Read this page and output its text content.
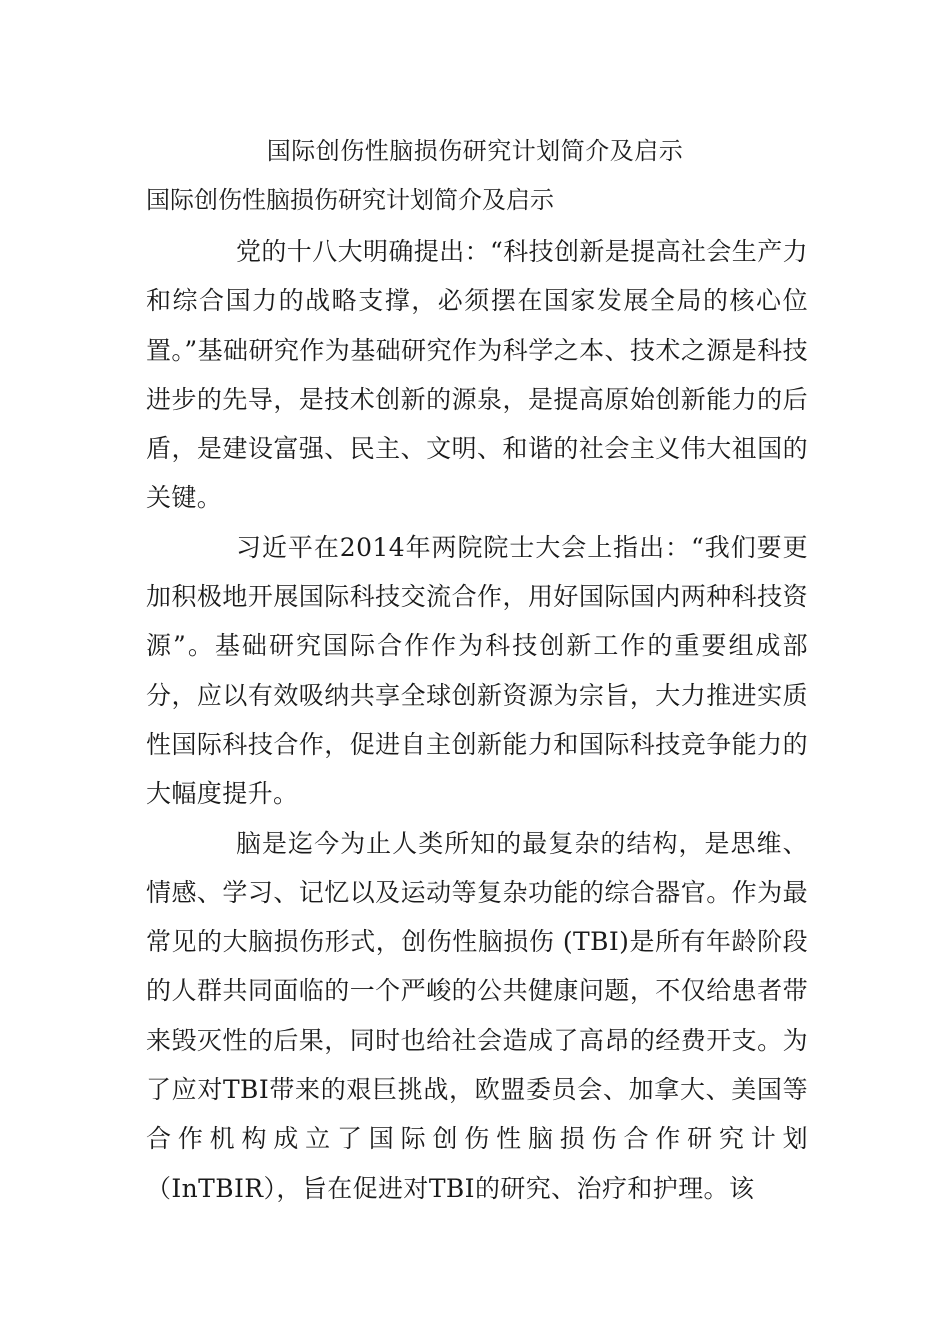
国际创伤性脑损伤研究计划简介及启示
国际创伤性脑损伤研究计划简介及启示

党的十八大明确提出：“科技创新是提高社会生产力和综合国力的战略支撑，必须摆在国家发展全局的核心位置。”基础研究作为基础研究作为科学之本、技术之源是科技进步的先导，是技术创新的源泉，是提高原始创新能力的后盾，是建设富强、民主、文明、和谐的社会主义伟大祖国的关键。

习近平在2014年两院院士大会上指出：“我们要更加积极地开展国际科技交流合作，用好国际国内两种科技资源”。基础研究国际合作作为科技创新工作的重要组成部分，应以有效吸纳共享全球创新资源为宗旨，大力推进实质性国际科技合作，促进自主创新能力和国际科技竞争能力的大幅度提升。

脑是迄今为止人类所知的最复杂的结构，是思维、情感、学习、记忆以及运动等复杂功能的综合器官。作为最常见的大脑损伤形式，创伤性脑损伤 (TBI)是所有年龄阶段的人群共同面临的一个严峻的公共健康问题，不仅给患者带来毁灭性的后果，同时也给社会造成了高昂的经费开支。为了应对TBI带来的艰巨挑战，欧盟委员会、加拿大、美国等合作机构成立了国际创伤性脑损伤合作研究计划（InTBIR），旨在促进对TBI的研究、治疗和护理。该
